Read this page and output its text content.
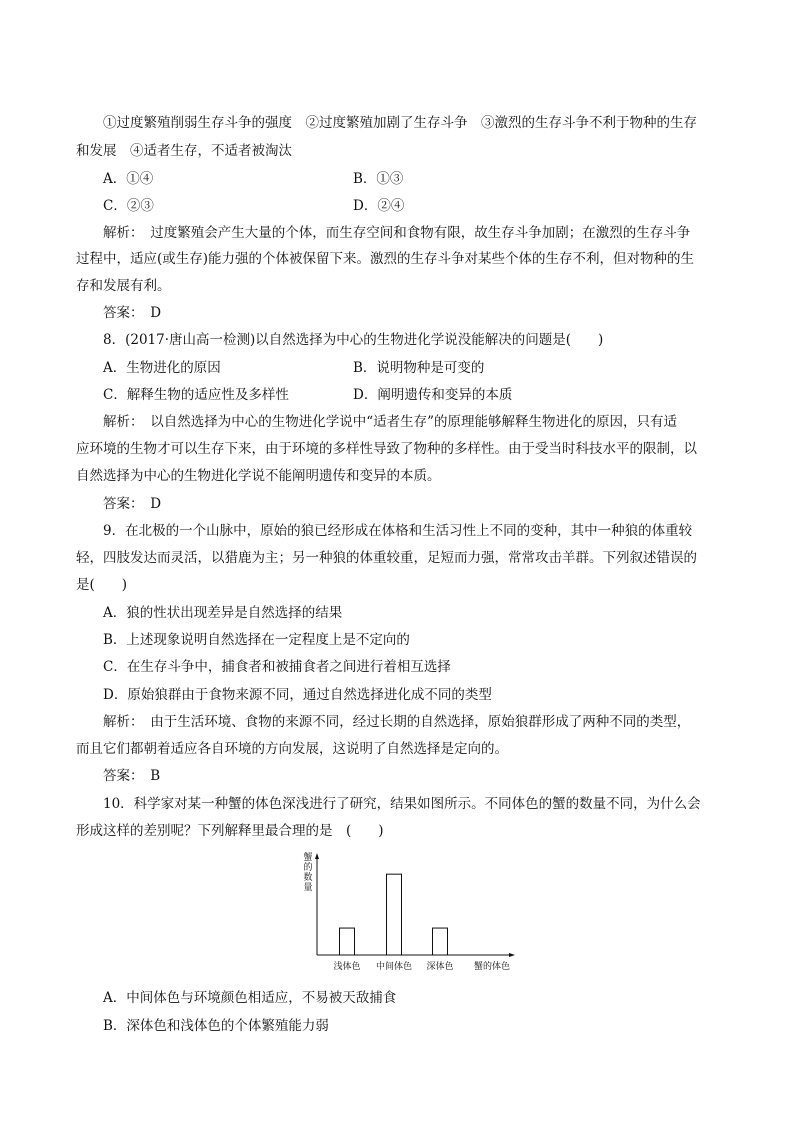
①过度繁殖削弱生存斗争的强度　②过度繁殖加剧了生存斗争　③激烈的生存斗争不利于物种的生存
和发展　④适者生存，不适者被淘汰
A．①④	B．①③
C．②③	D．②④
解析：　过度繁殖会产生大量的个体，而生存空间和食物有限，故生存斗争加剧；在激烈的生存斗争
过程中，适应(或生存)能力强的个体被保留下来。激烈的生存斗争对某些个体的生存不利，但对物种的生
存和发展有利。
答案：　D
8．(2017·唐山高一检测)以自然选择为中心的生物进化学说没能解决的问题是(　　)
A．生物进化的原因	B．说明物种是可变的
C．解释生物的适应性及多样性	D．阐明遗传和变异的本质
解析：　以自然选择为中心的生物进化学说中“适者生存”的原理能够解释生物进化的原因，只有适
应环境的生物才可以生存下来，由于环境的多样性导致了物种的多样性。由于受当时科技水平的限制，以
自然选择为中心的生物进化学说不能阐明遗传和变异的本质。
答案：　D
9．在北极的一个山脉中，原始的狼已经形成在体格和生活习性上不同的变种，其中一种狼的体重较
轻，四肢发达而灵活，以猎鹿为主；另一种狼的体重较重，足短而力强，常常攻击羊群。下列叙述错误的
是(　　)
A．狼的性状出现差异是自然选择的结果
B．上述现象说明自然选择在一定程度上是不定向的
C．在生存斗争中，捕食者和被捕食者之间进行着相互选择
D．原始狼群由于食物来源不同，通过自然选择进化成不同的类型
解析：　由于生活环境、食物的来源不同，经过长期的自然选择，原始狼群形成了两种不同的类型，
而且它们都朝着适应各自环境的方向发展，这说明了自然选择是定向的。
答案：　B
10．科学家对某一种蟹的体色深浅进行了研究，结果如图所示。不同体色的蟹的数量不同，为什么会
形成这样的差别呢？下列解释里最合理的是　(　　)
蟹
的
数
量
浅体色 中间体色 深体色 蟹的体色
A．中间体色与环境颜色相适应，不易被天敌捕食
B．深体色和浅体色的个体繁殖能力弱
